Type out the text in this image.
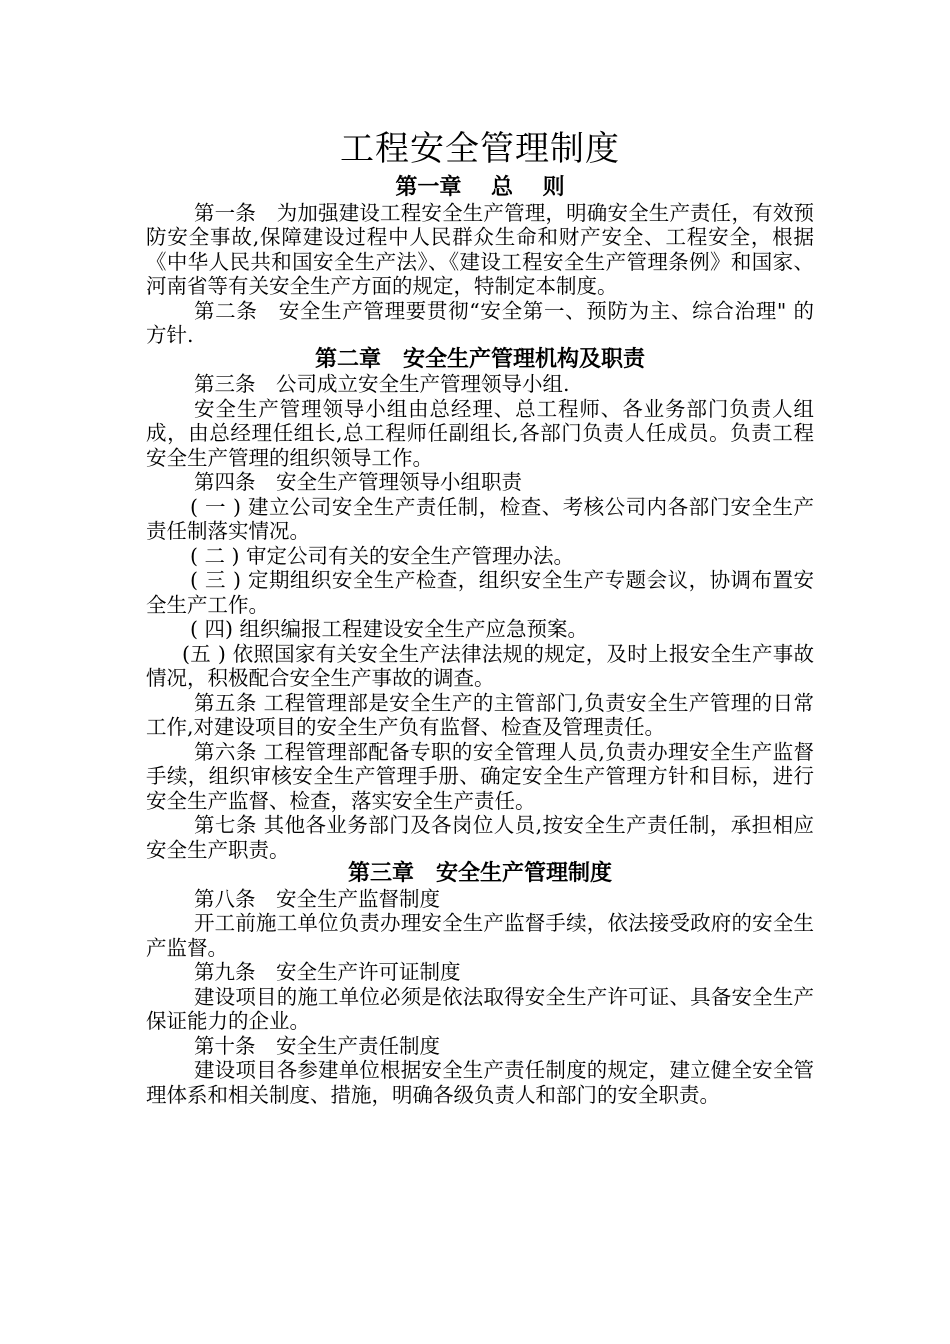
工程安全管理制度

第一章　 总　 则

第一条　为加强建设工程安全生产管理，明确安全生产责任，有效预防安全事故,保障建设过程中人民群众生命和财产安全、工程安全，根据《中华人民共和国安全生产法》、《建设工程安全生产管理条例》和国家、河南省等有关安全生产方面的规定，特制定本制度。

第二条　安全生产管理要贯彻“安全第一、预防为主、综合治理" 的方针.

第二章　安全生产管理机构及职责

第三条　公司成立安全生产管理领导小组.

安全生产管理领导小组由总经理、总工程师、各业务部门负责人组成，由总经理任组长,总工程师任副组长,各部门负责人任成员。负责工程安全生产管理的组织领导工作。

第四条　安全生产管理领导小组职责

( 一 ) 建立公司安全生产责任制，检查、考核公司内各部门安全生产责任制落实情况。

( 二 ) 审定公司有关的安全生产管理办法。

( 三 ) 定期组织安全生产检查，组织安全生产专题会议，协调布置安全生产工作。

( 四) 组织编报工程建设安全生产应急预案。

(五 ) 依照国家有关安全生产法律法规的规定，及时上报安全生产事故情况，积极配合安全生产事故的调查。

第五条 工程管理部是安全生产的主管部门,负责安全生产管理的日常工作,对建设项目的安全生产负有监督、检查及管理责任。

第六条 工程管理部配备专职的安全管理人员,负责办理安全生产监督手续，组织审核安全生产管理手册、确定安全生产管理方针和目标，进行安全生产监督、检查，落实安全生产责任。

第七条 其他各业务部门及各岗位人员,按安全生产责任制，承担相应安全生产职责。

第三章　安全生产管理制度

第八条　安全生产监督制度

开工前施工单位负责办理安全生产监督手续，依法接受政府的安全生产监督。

第九条　安全生产许可证制度

建设项目的施工单位必须是依法取得安全生产许可证、具备安全生产保证能力的企业。

第十条　安全生产责任制度

建设项目各参建单位根据安全生产责任制度的规定，建立健全安全管理体系和相关制度、措施，明确各级负责人和部门的安全职责。
